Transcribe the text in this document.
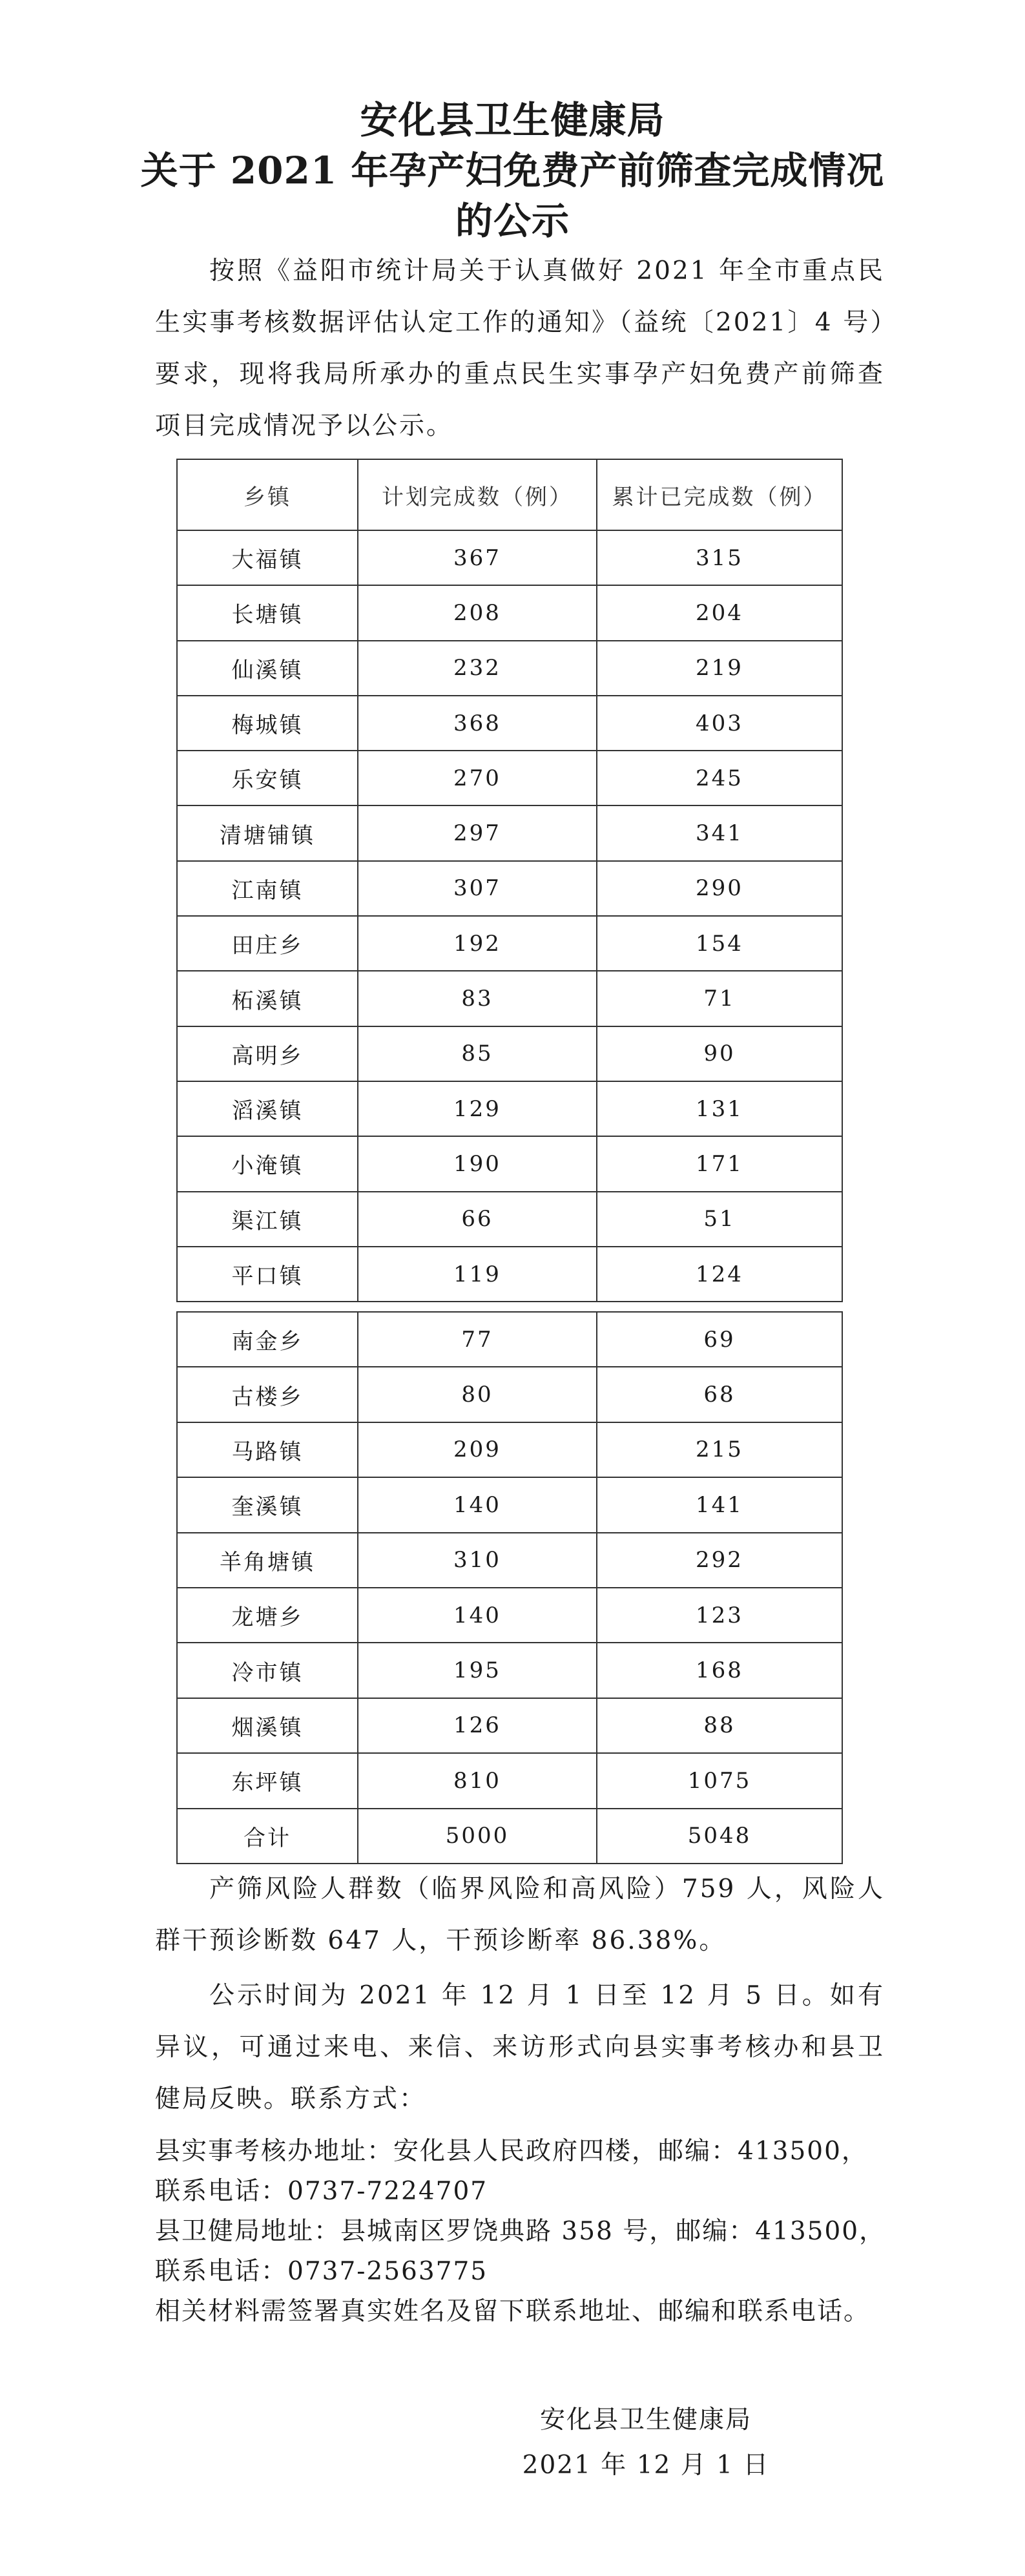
安化县卫生健康局
关于 2021 年孕产妇免费产前筛查完成情况
的公示

按照《益阳市统计局关于认真做好 2021 年全市重点民生实事考核数据评估认定工作的通知》（益统〔2021〕4 号）要求，现将我局所承办的重点民生实事孕产妇免费产前筛查项目完成情况予以公示。

乡镇	计划完成数（例）	累计已完成数（例）
大福镇	367	315
长塘镇	208	204
仙溪镇	232	219
梅城镇	368	403
乐安镇	270	245
清塘铺镇	297	341
江南镇	307	290
田庄乡	192	154
柘溪镇	83	71
高明乡	85	90
滔溪镇	129	131
小淹镇	190	171
渠江镇	66	51
平口镇	119	124
南金乡	77	69
古楼乡	80	68
马路镇	209	215
奎溪镇	140	141
羊角塘镇	310	292
龙塘乡	140	123
冷市镇	195	168
烟溪镇	126	88
东坪镇	810	1075
合计	5000	5048

产筛风险人群数（临界风险和高风险）759 人，风险人群干预诊断数 647 人，干预诊断率 86.38%。

公示时间为 2021 年 12 月 1 日至 12 月 5 日。如有异议，可通过来电、来信、来访形式向县实事考核办和县卫健局反映。联系方式：

县实事考核办地址：安化县人民政府四楼，邮编：413500，
联系电话：0737-7224707
县卫健局地址：县城南区罗饶典路 358 号，邮编：413500，
联系电话：0737-2563775
相关材料需签署真实姓名及留下联系地址、邮编和联系电话。
安化县卫生健康局
2021 年 12 月 1 日
